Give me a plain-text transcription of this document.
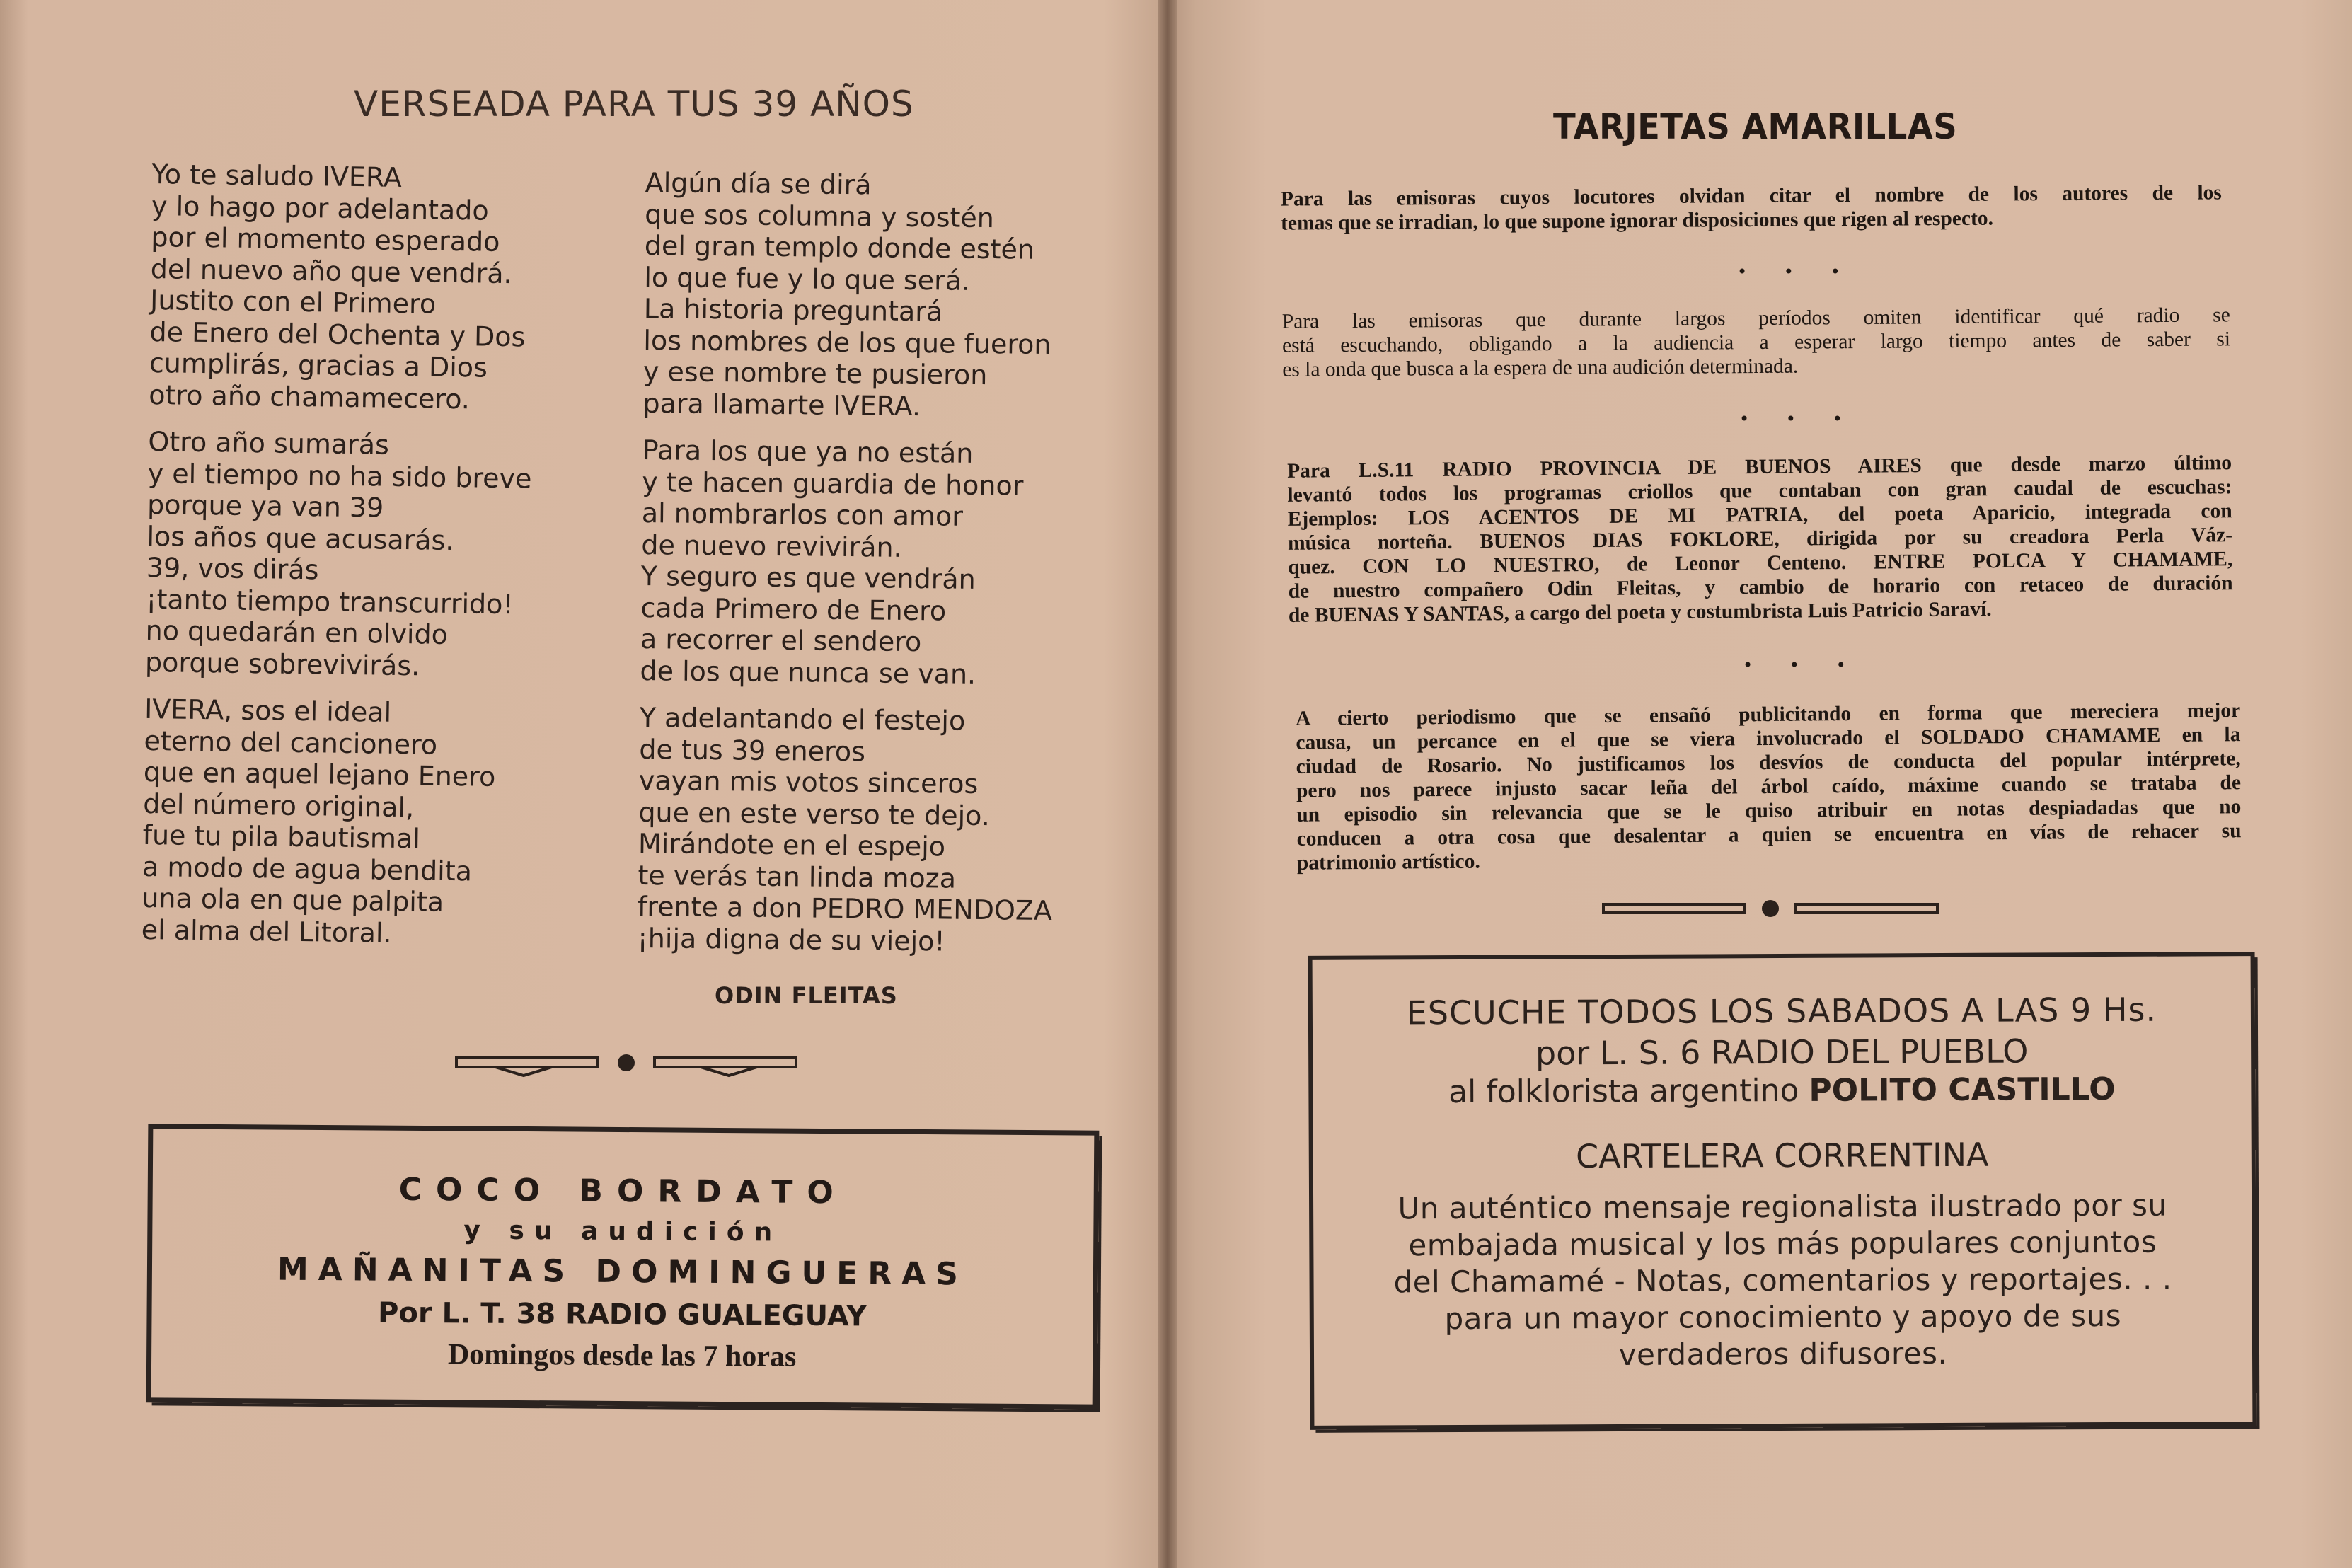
VERSEADA PARA TUS 39 AÑOS

Yo te saludo IVERA
y lo hago por adelantado
por el momento esperado
del nuevo año que vendrá.
Justito con el Primero
de Enero del Ochenta y Dos
cumplirás, gracias a Dios
otro año chamamecero.

Otro año sumarás
y el tiempo no ha sido breve
porque ya van 39
los años que acusarás.
39, vos dirás
¡tanto tiempo transcurrido!
no quedarán en olvido
porque sobrevivirás.

IVERA, sos el ideal
eterno del cancionero
que en aquel lejano Enero
del número original,
fue tu pila bautismal
a modo de agua bendita
una ola en que palpita
el alma del Litoral.

Algún día se dirá
que sos columna y sostén
del gran templo donde estén
lo que fue y lo que será.
La historia preguntará
los nombres de los que fueron
y ese nombre te pusieron
para llamarte IVERA.

Para los que ya no están
y te hacen guardia de honor
al nombrarlos con amor
de nuevo revivirán.
Y seguro es que vendrán
cada Primero de Enero
a recorrer el sendero
de los que nunca se van.

Y adelantando el festejo
de tus 39 eneros
vayan mis votos sinceros
que en este verso te dejo.
Mirándote en el espejo
te verás tan linda moza
frente a don PEDRO MENDOZA
¡hija digna de su viejo!

ODIN FLEITAS
COCO BORDATO
y su audición
MAÑANITAS DOMINGUERAS
Por L. T. 38 RADIO GUALEGUAY
Domingos desde las 7 horas
TARJETAS AMARILLAS
Para las emisoras cuyos locutores olvidan citar el nombre de los autores de los
temas que se irradian, lo que supone ignorar disposiciones que rigen al respecto.
• • •
Para las emisoras que durante largos períodos omiten identificar qué radio se
está escuchando, obligando a la audiencia a esperar largo tiempo antes de saber si
es la onda que busca a la espera de una audición determinada.
• • •
Para L.S.11 RADIO PROVINCIA DE BUENOS AIRES que desde marzo último
levantó todos los programas criollos que contaban con gran caudal de escuchas:
Ejemplos: LOS ACENTOS DE MI PATRIA, del poeta Aparicio, integrada con
música norteña. BUENOS DIAS FOKLORE, dirigida por su creadora Perla Váz-
quez. CON LO NUESTRO, de Leonor Centeno. ENTRE POLCA Y CHAMAME,
de nuestro compañero Odin Fleitas, y cambio de horario con retaceo de duración
de BUENAS Y SANTAS, a cargo del poeta y costumbrista Luis Patricio Saraví.
• • •
A cierto periodismo que se ensañó publicitando en forma que mereciera mejor
causa, un percance en el que se viera involucrado el SOLDADO CHAMAME en la
ciudad de Rosario. No justificamos los desvíos de conducta del popular intérprete,
pero nos parece injusto sacar leña del árbol caído, máxime cuando se trataba de
un episodio sin relevancia que se le quiso atribuir en notas despiadadas que no
conducen a otra cosa que desalentar a quien se encuentra en vías de rehacer su
patrimonio artístico.
ESCUCHE TODOS LOS SABADOS A LAS 9 Hs.
por L. S. 6 RADIO DEL PUEBLO
al folklorista argentino POLITO CASTILLO
CARTELERA CORRENTINA
Un auténtico mensaje regionalista ilustrado por su
embajada musical y los más populares conjuntos
del Chamamé - Notas, comentarios y reportajes. . .
para un mayor conocimiento y apoyo de sus
verdaderos difusores.
